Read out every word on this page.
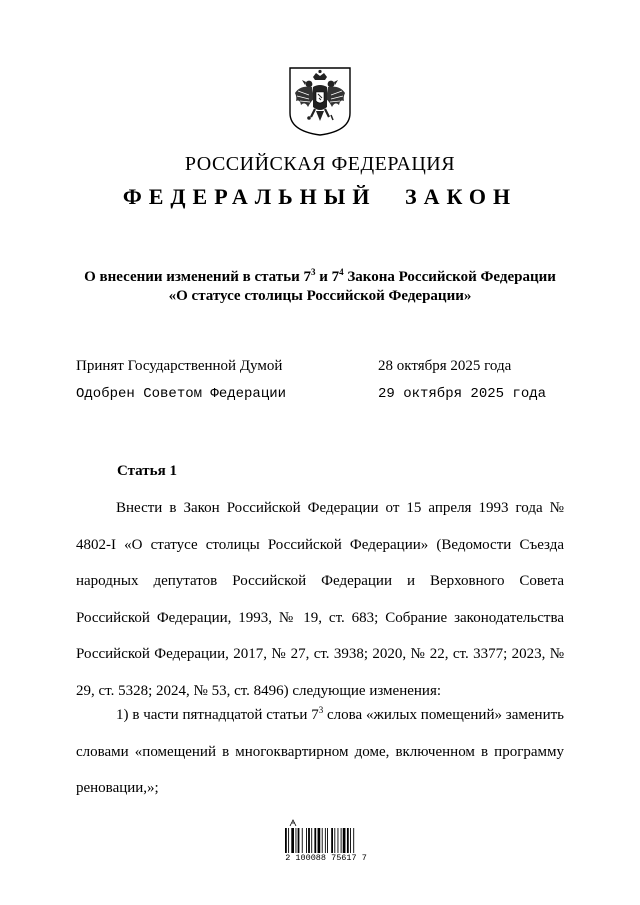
РОССИЙСКАЯ ФЕДЕРАЦИЯ
ФЕДЕРАЛЬНЫЙ ЗАКОН
О внесении изменений в статьи $7^3$ и $7^4$ Закона Российской Федерации
«О статусе столицы Российской Федерации»
Принят Государственной Думой	28 октября 2025 года
Одобрен Советом Федерации	29 октября 2025 года
Статья 1
Внести в Закон Российской Федерации от 15 апреля 1993 года № 4802-I «О статусе столицы Российской Федерации» (Ведомости Съезда народных депутатов Российской Федерации и Верховного Совета Российской Федерации, 1993, № 19, ст. 683; Собрание законодательства Российской Федерации, 2017, № 27, ст. 3938; 2020, № 22, ст. 3377; 2023, № 29, ст. 5328; 2024, № 53, ст. 8496) следующие изменения:
1) в части пятнадцатой статьи $7^3$ слова «жилых помещений» заменить словами «помещений в многоквартирном доме, включенном в программу реновации,»;
2 100088 75617 7
